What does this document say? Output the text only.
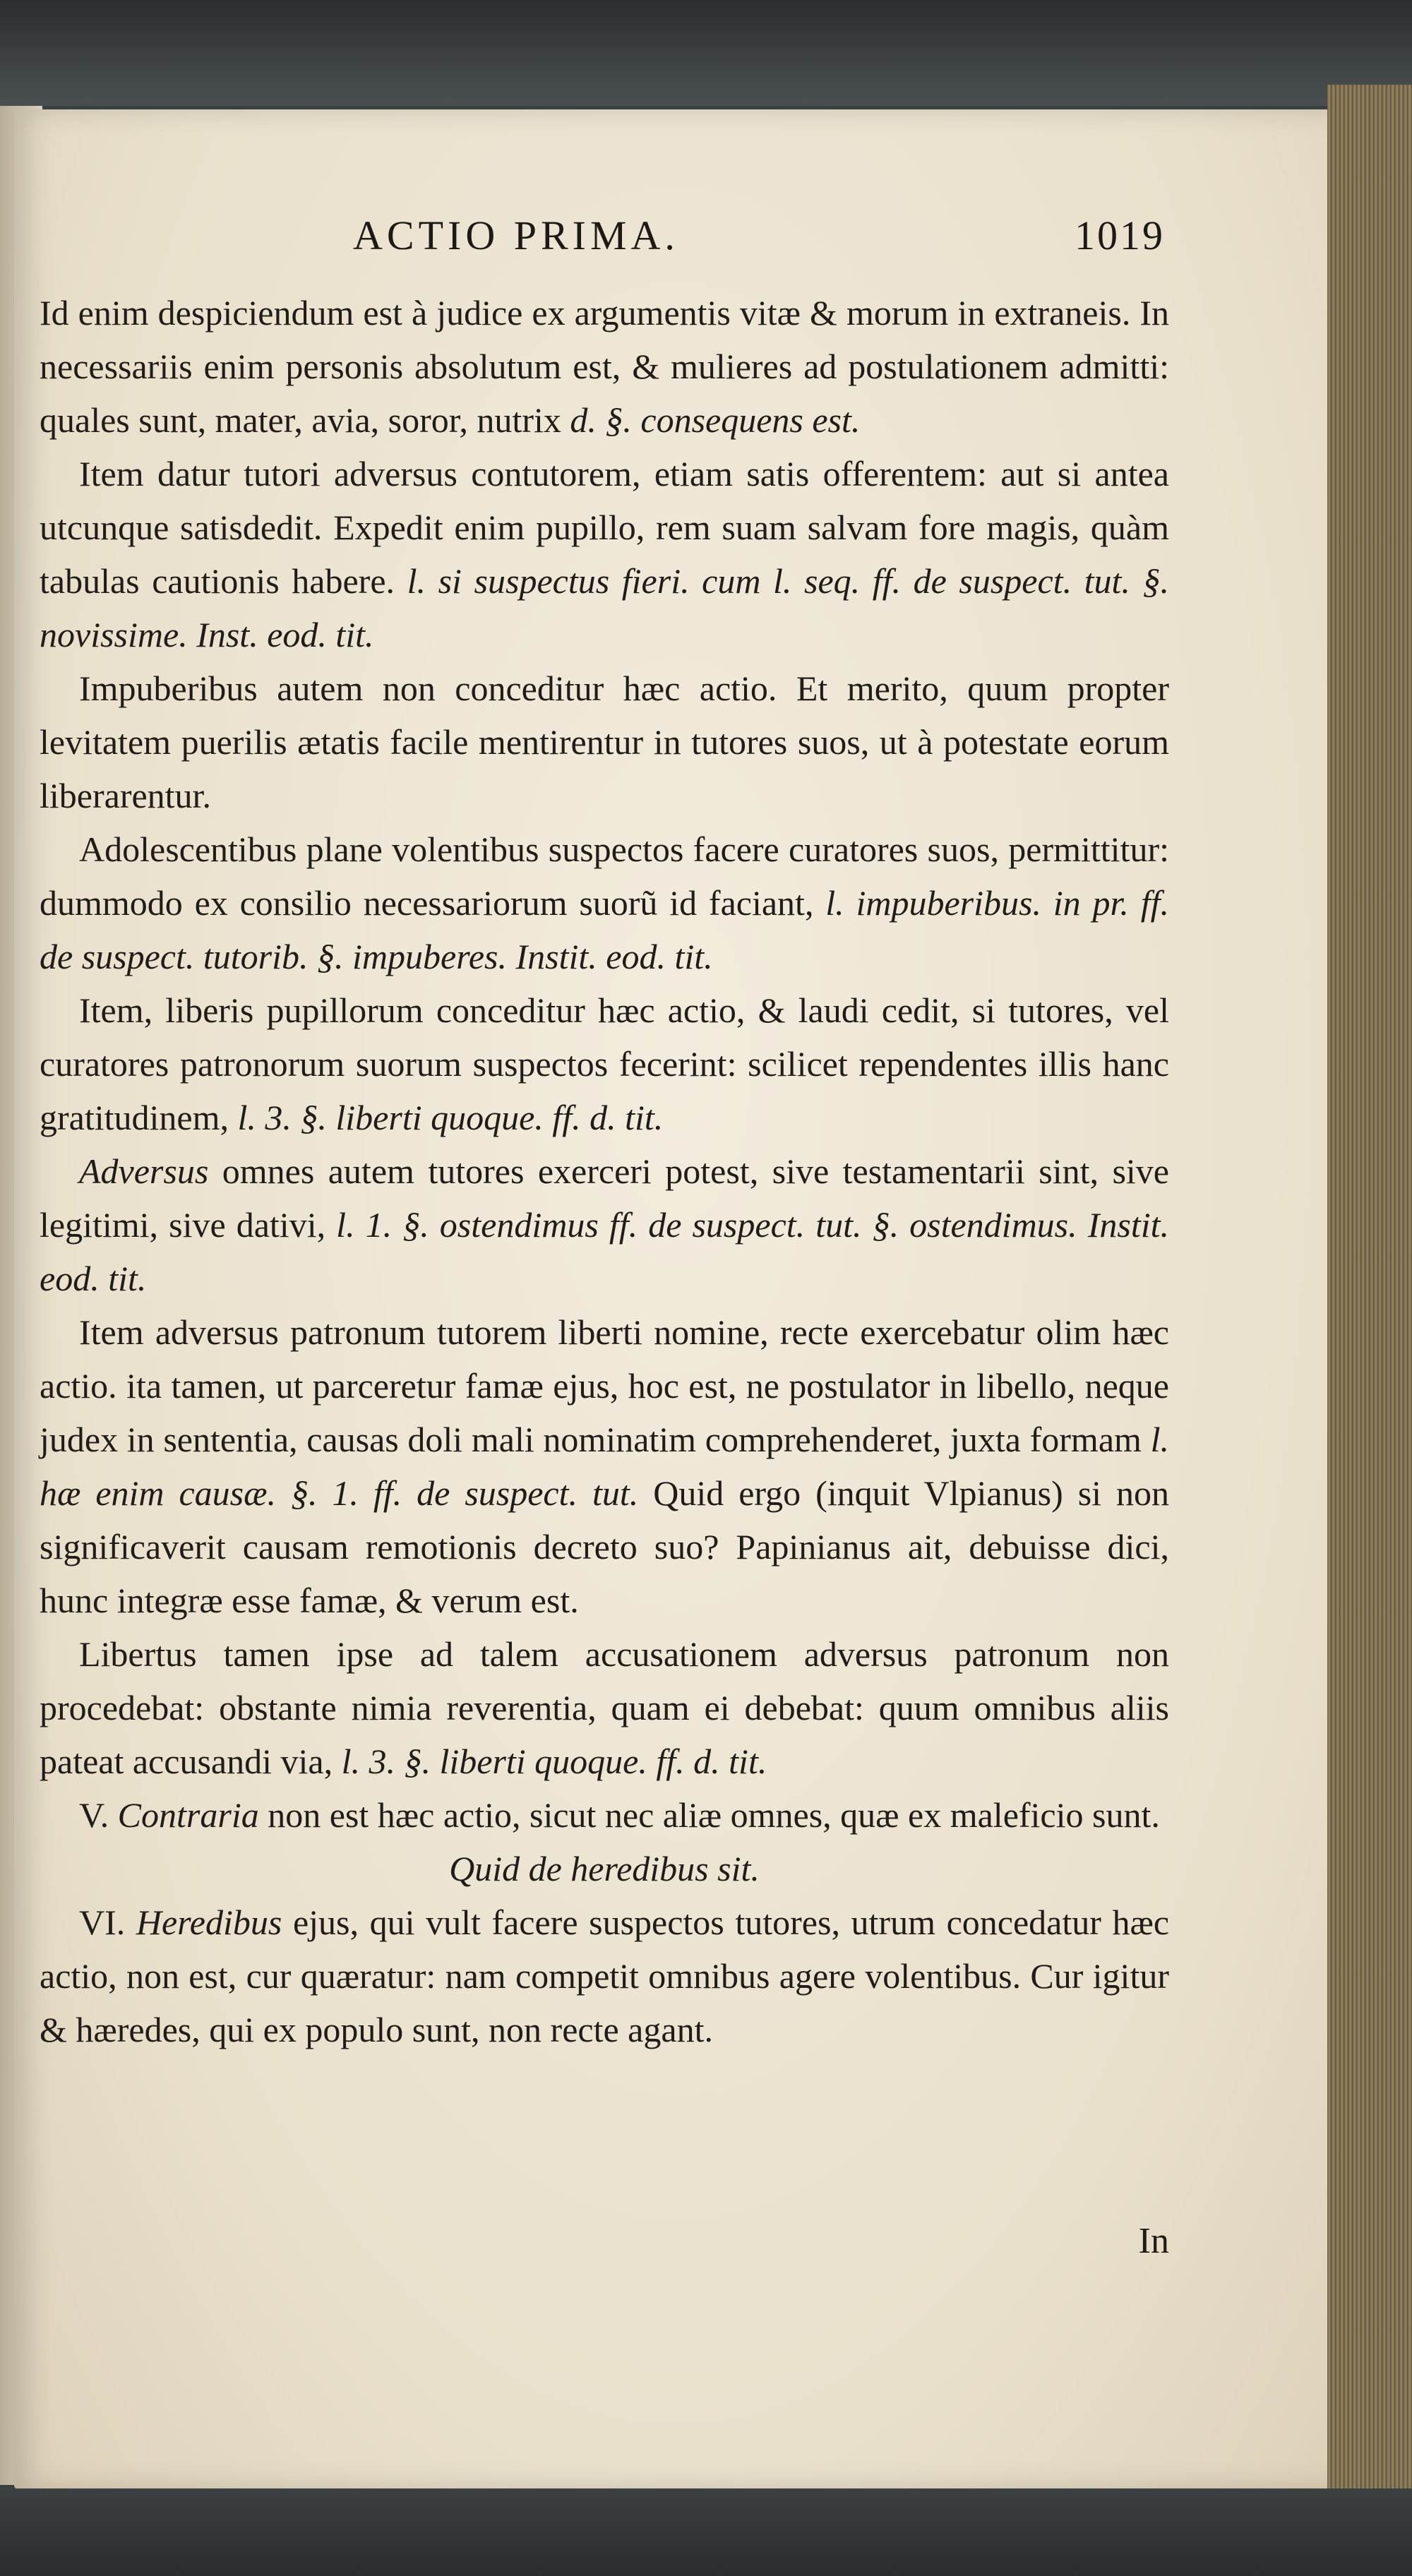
ACTIO PRIMA.	1019

Id enim despiciendum est à judice ex argumentis vitæ & morum in extraneis. In necessariis enim personis absolutum est, & mulieres ad postulationem admitti: quales sunt, mater, avia, soror, nutrix d. §. consequens est.

Item datur tutori adversus contutorem, etiam satis offerentem: aut si antea utcunque satisdedit. Expedit enim pupillo, rem suam salvam fore magis, quàm tabulas cautionis habere. l. si suspectus fieri. cum l. seq. ff. de suspect. tut. §. novissime. Inst. eod. tit.

Impuberibus autem non conceditur hæc actio. Et merito, quum propter levitatem puerilis ætatis facile mentirentur in tutores suos, ut à potestate eorum liberarentur.

Adolescentibus plane volentibus suspectos facere curatores suos, permittitur: dummodo ex consilio necessariorum suorũ id faciant, l. impuberibus. in pr. ff. de suspect. tutorib. §. impuberes. Instit. eod. tit.

Item, liberis pupillorum conceditur hæc actio, & laudi cedit, si tutores, vel curatores patronorum suorum suspectos fecerint: scilicet rependentes illis hanc gratitudinem, l. 3. §. liberti quoque. ff. d. tit.

Adversus omnes autem tutores exerceri potest, sive testamentarii sint, sive legitimi, sive dativi, l. 1. §. ostendimus ff. de suspect. tut. §. ostendimus. Instit. eod. tit.

Item adversus patronum tutorem liberti nomine, recte exercebatur olim hæc actio. ita tamen, ut parceretur famæ ejus, hoc est, ne postulator in libello, neque judex in sententia, causas doli mali nominatim comprehenderet, juxta formam l. hæ enim causæ. §. 1. ff. de suspect. tut. Quid ergo (inquit Vlpianus) si non significaverit causam remotionis decreto suo? Papinianus ait, debuisse dici, hunc integræ esse famæ, & verum est.

Libertus tamen ipse ad talem accusationem adversus patronum non procedebat: obstante nimia reverentia, quam ei debebat: quum omnibus aliis pateat accusandi via, l. 3. §. liberti quoque. ff. d. tit.

V. Contraria non est hæc actio, sicut nec aliæ omnes, quæ ex maleficio sunt.

Quid de heredibus sit.

VI. Heredibus ejus, qui vult facere suspectos tutores, utrum concedatur hæc actio, non est, cur quæratur: nam competit omnibus agere volentibus. Cur igitur & hæredes, qui ex populo sunt, non recte agant.

In
